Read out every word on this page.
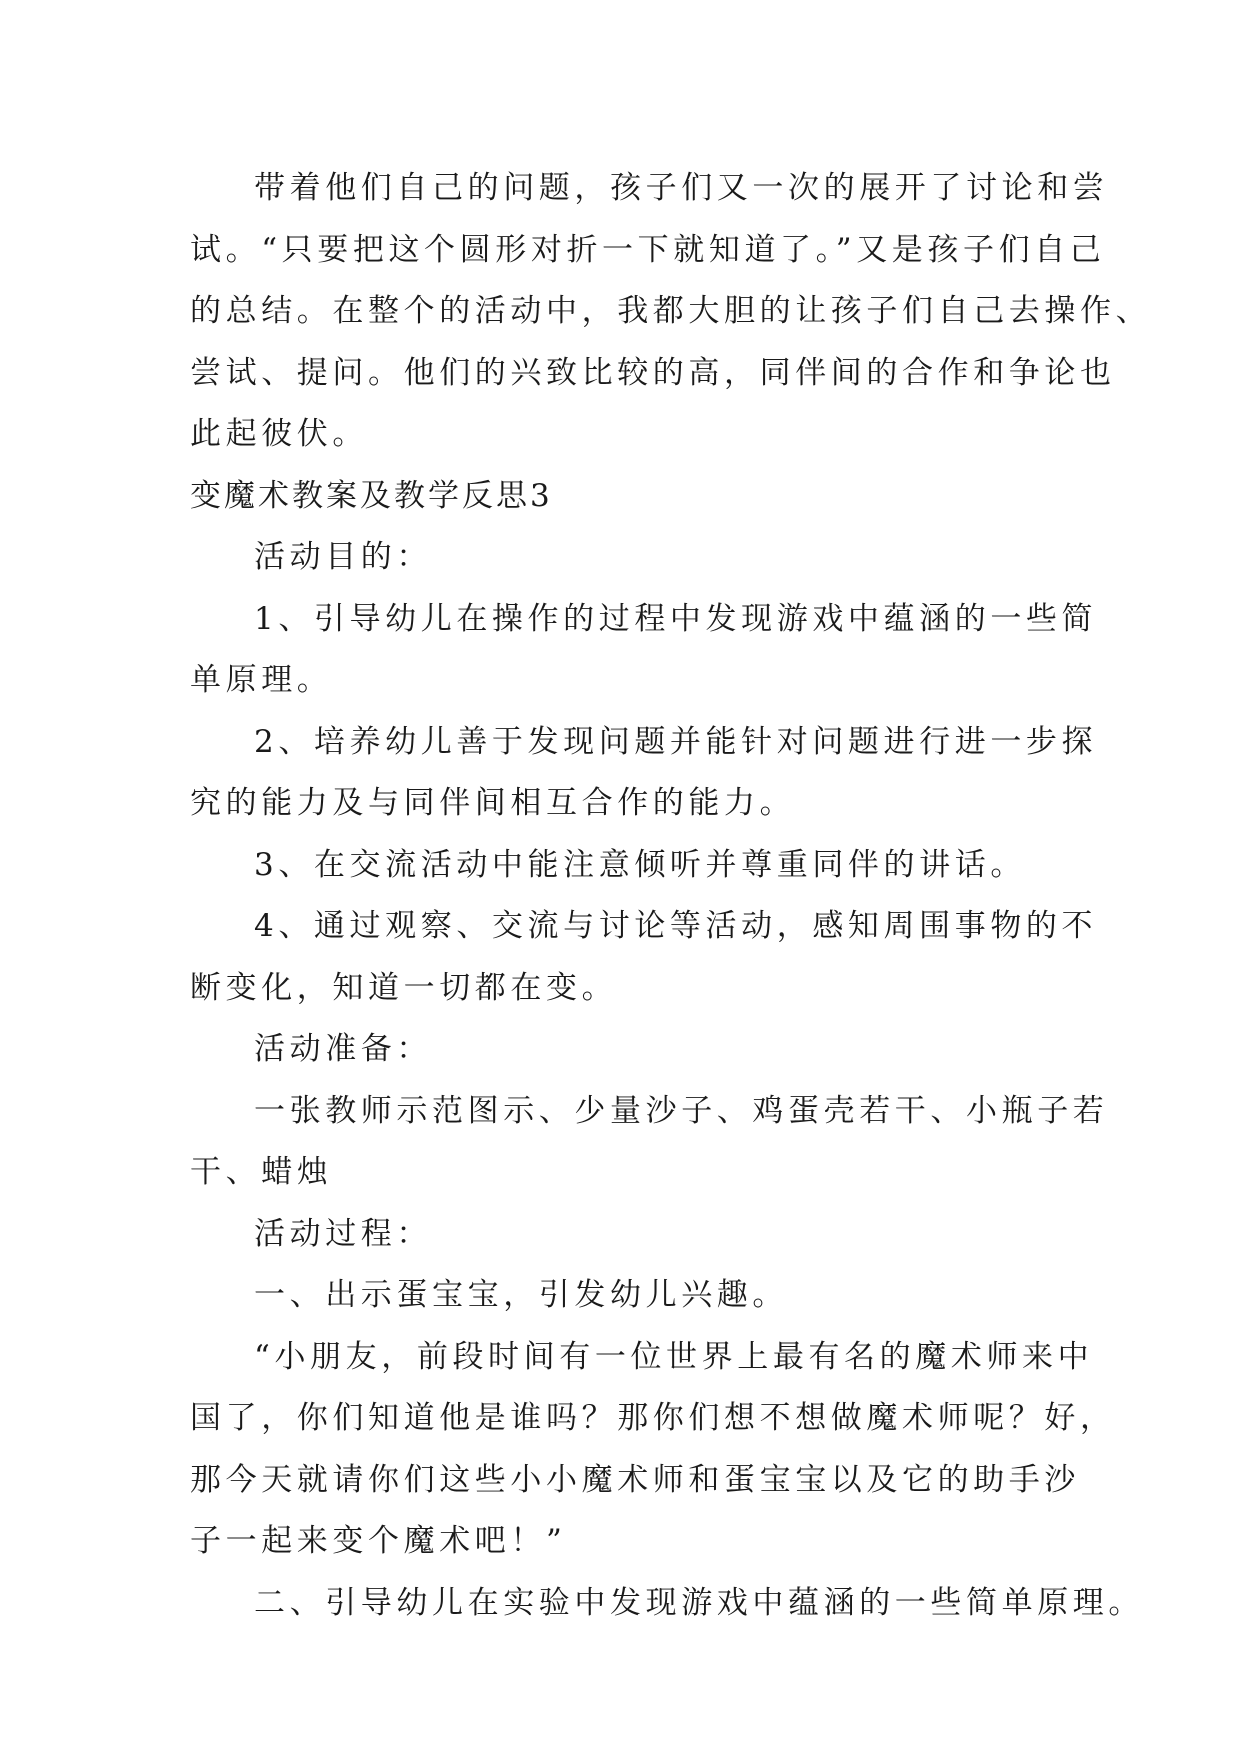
带着他们自己的问题，孩子们又一次的展开了讨论和尝

试。“只要把这个圆形对折一下就知道了。”又是孩子们自己

的总结。在整个的活动中，我都大胆的让孩子们自己去操作、

尝试、提问。他们的兴致比较的高，同伴间的合作和争论也

此起彼伏。

变魔术教案及教学反思3

活动目的：

1、引导幼儿在操作的过程中发现游戏中蕴涵的一些简

单原理。

2、培养幼儿善于发现问题并能针对问题进行进一步探

究的能力及与同伴间相互合作的能力。

3、在交流活动中能注意倾听并尊重同伴的讲话。

4、通过观察、交流与讨论等活动，感知周围事物的不

断变化，知道一切都在变。

活动准备：

一张教师示范图示、少量沙子、鸡蛋壳若干、小瓶子若

干、蜡烛

活动过程：

一、出示蛋宝宝，引发幼儿兴趣。

“小朋友，前段时间有一位世界上最有名的魔术师来中

国了，你们知道他是谁吗？那你们想不想做魔术师呢？好，

那今天就请你们这些小小魔术师和蛋宝宝以及它的助手沙

子一起来变个魔术吧！”

二、引导幼儿在实验中发现游戏中蕴涵的一些简单原理。
